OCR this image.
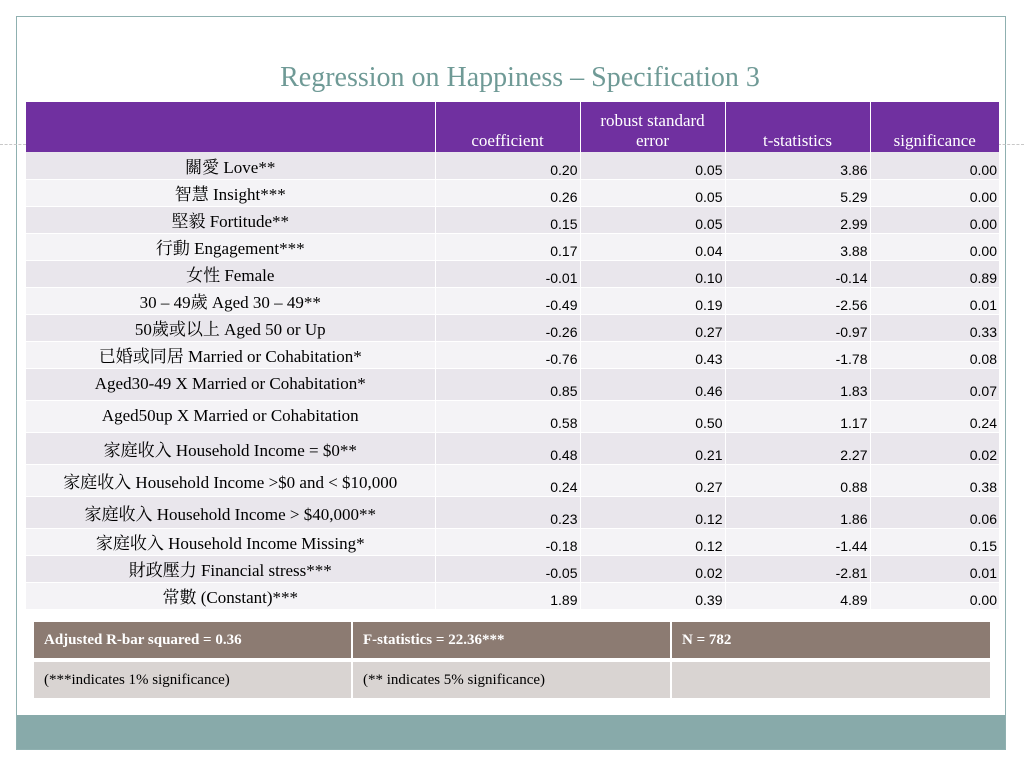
Regression on Happiness – Specification 3
	coefficient	robust standard error	t-statistics	significance
關愛 Love**	0.20	0.05	3.86	0.00
智慧 Insight***	0.26	0.05	5.29	0.00
堅毅 Fortitude**	0.15	0.05	2.99	0.00
行動 Engagement***	0.17	0.04	3.88	0.00
女性 Female	-0.01	0.10	-0.14	0.89
30 – 49歲 Aged 30 – 49**	-0.49	0.19	-2.56	0.01
50歲或以上 Aged 50 or Up	-0.26	0.27	-0.97	0.33
已婚或同居 Married or Cohabitation*	-0.76	0.43	-1.78	0.08
Aged30-49 X Married or Cohabitation*	0.85	0.46	1.83	0.07
Aged50up X Married or Cohabitation	0.58	0.50	1.17	0.24
家庭收入 Household Income = $0**	0.48	0.21	2.27	0.02
家庭收入 Household Income >$0 and < $10,000	0.24	0.27	0.88	0.38
家庭收入 Household Income > $40,000**	0.23	0.12	1.86	0.06
家庭收入 Household Income Missing*	-0.18	0.12	-1.44	0.15
財政壓力 Financial stress***	-0.05	0.02	-2.81	0.01
常數 (Constant)***	1.89	0.39	4.89	0.00
Adjusted R-bar squared = 0.36	F-statistics = 22.36***	N = 782

(***indicates 1% significance)	(** indicates 5% significance)	
